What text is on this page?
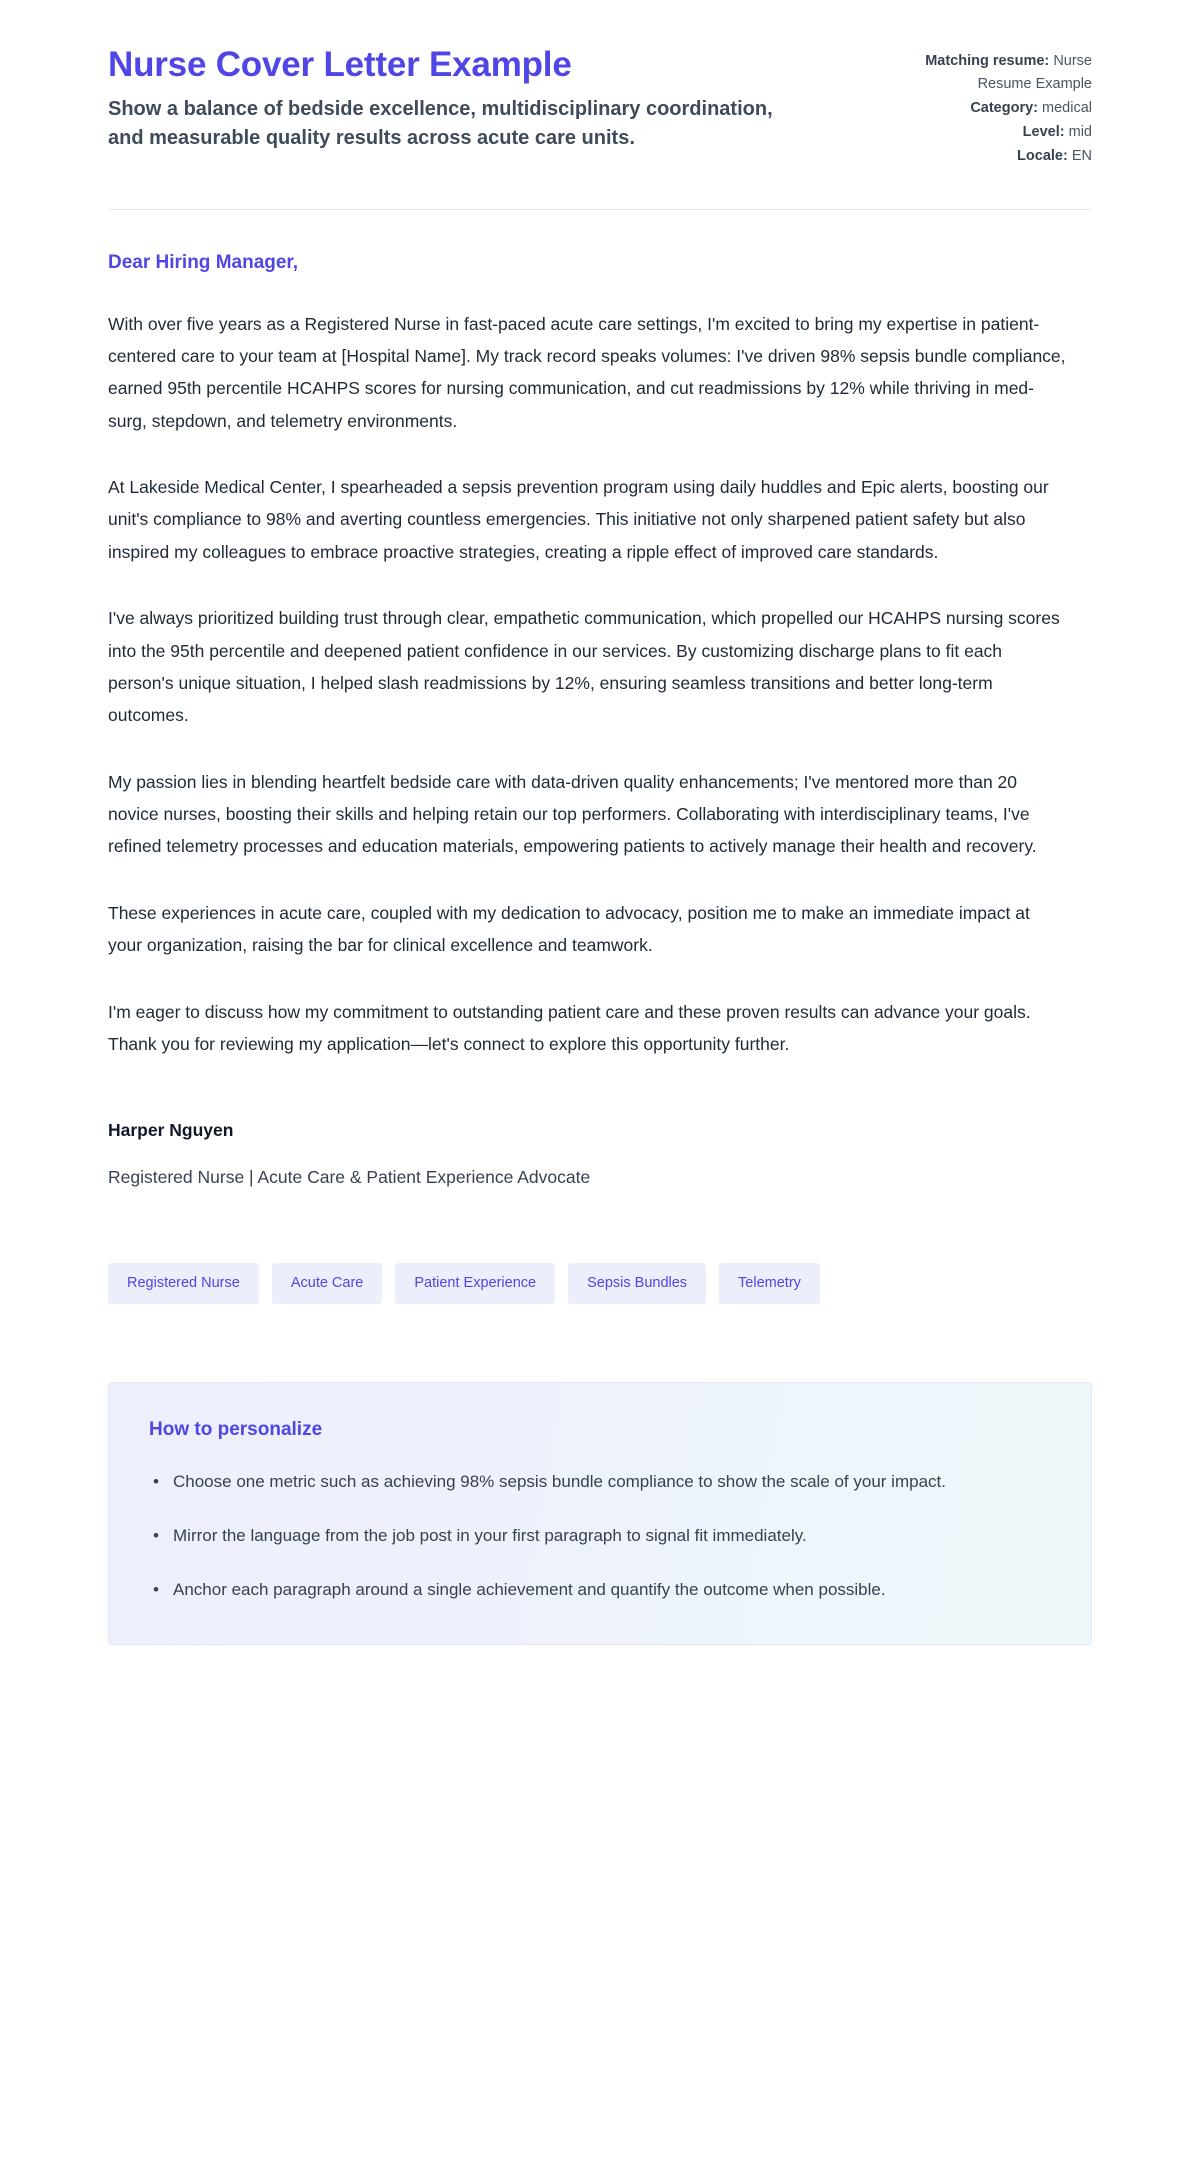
Nurse Cover Letter Example

Show a balance of bedside excellence, multidisciplinary coordination, and measurable quality results across acute care units.

Matching resume: Nurse Resume Example
Category: medical
Level: mid
Locale: EN

Dear Hiring Manager,

With over five years as a Registered Nurse in fast-paced acute care settings, I'm excited to bring my expertise in patient-centered care to your team at [Hospital Name]. My track record speaks volumes: I've driven 98% sepsis bundle compliance, earned 95th percentile HCAHPS scores for nursing communication, and cut readmissions by 12% while thriving in med-surg, stepdown, and telemetry environments.

At Lakeside Medical Center, I spearheaded a sepsis prevention program using daily huddles and Epic alerts, boosting our unit's compliance to 98% and averting countless emergencies. This initiative not only sharpened patient safety but also inspired my colleagues to embrace proactive strategies, creating a ripple effect of improved care standards.

I've always prioritized building trust through clear, empathetic communication, which propelled our HCAHPS nursing scores into the 95th percentile and deepened patient confidence in our services. By customizing discharge plans to fit each person's unique situation, I helped slash readmissions by 12%, ensuring seamless transitions and better long-term outcomes.

My passion lies in blending heartfelt bedside care with data-driven quality enhancements; I've mentored more than 20 novice nurses, boosting their skills and helping retain our top performers. Collaborating with interdisciplinary teams, I've refined telemetry processes and education materials, empowering patients to actively manage their health and recovery.

These experiences in acute care, coupled with my dedication to advocacy, position me to make an immediate impact at your organization, raising the bar for clinical excellence and teamwork.

I'm eager to discuss how my commitment to outstanding patient care and these proven results can advance your goals. Thank you for reviewing my application—let's connect to explore this opportunity further.

Harper Nguyen

Registered Nurse | Acute Care & Patient Experience Advocate

Registered Nurse	Acute Care	Patient Experience	Sepsis Bundles	Telemetry
How to personalize
• Choose one metric such as achieving 98% sepsis bundle compliance to show the scale of your impact.
• Mirror the language from the job post in your first paragraph to signal fit immediately.
• Anchor each paragraph around a single achievement and quantify the outcome when possible.
